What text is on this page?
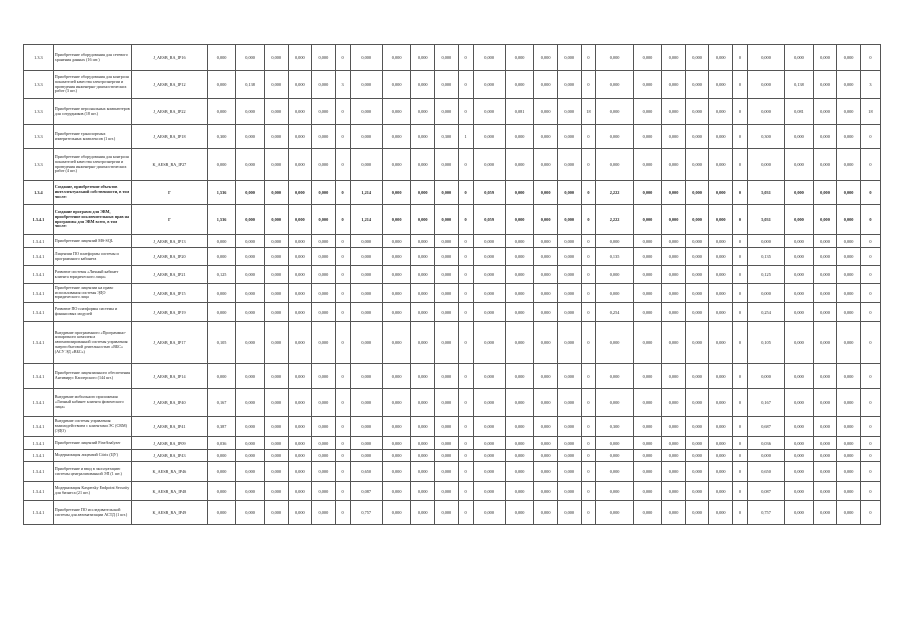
1.3.3	Приобретение оборудования для сетевого хранения данных (16 шт.)	J_AESB_RA_IP16	0,000	0,000	0,000	0,000	0,000	0	0,000	0,000	0,000	0,000	0	0,000	0,000	0,000	0,000	0	0,000	0,000	0,000	0,000	0,000	0	0,000	0,000	0,000	0,000	0
1.3.3	Приобретение оборудования для контроля показателей качества электроэнергии и проведения инженерно-диагностических работ (3 шт.)	J_AESB_RA_IP12	0,000	0,138	0,000	0,000	0,000	3	0,000	0,000	0,000	0,000	0	0,000	0,000	0,000	0,000	0	0,000	0,000	0,000	0,000	0,000	0	0,000	0,138	0,000	0,000	3
1.3.3	Приобретение персональных компьютеров для сотрудников (18 шт.)	J_AESB_RA_IP22	0,000	0,000	0,000	0,000	0,000	0	0,000	0,000	0,000	0,000	0	0,000	0,081	0,000	0,000	18	0,000	0,000	0,000	0,000	0,000	0	0,000	0,081	0,000	0,000	18
1.3.3	Приобретение транспортных измерительных комплексов (1 шт.)	J_AESB_RA_IP18	0,300	0,000	0,000	0,000	0,000	0	0,000	0,000	0,000	0,300	1	0,000	0,000	0,000	0,000	0	0,000	0,000	0,000	0,000	0,000	0	0,300	0,000	0,000	0,000	0
1.3.3	Приобретение оборудования для контроля показателей качества электроэнергии и проведения инженерно-диагностических работ (4 шт.)	K_AESB_RA_IP27	0,000	0,000	0,000	0,000	0,000	0	0,000	0,000	0,000	0,000	0	0,000	0,000	0,000	0,000	0	0,000	0,000	0,000	0,000	0,000	0	0,000	0,000	0,000	0,000	0
1.3.4	Создание, приобретение объектов интеллектуальной собственности, в том числе:	Г	1,536	0,000	0,000	0,000	0,000	0	1,214	0,000	0,000	0,000	0	0,059	0,000	0,000	0,000	0	2,222	0,000	0,000	0,000	0,000	0	5,031	0,000	0,000	0,000	0
1.3.4.1	Создание программ для ЭВМ, приобретение исключительных прав на программы для ЭВМ всего, в том числе:	Г	1,536	0,000	0,000	0,000	0,000	0	1,214	0,000	0,000	0,000	0	0,059	0,000	0,000	0,000	0	2,222	0,000	0,000	0,000	0,000	0	5,031	0,000	0,000	0,000	0
1.3.4.1	Приобретение лицензий MS-SQL	J_AESB_RA_IP13	0,000	0,000	0,000	0,000	0,000	0	0,000	0,000	0,000	0,000	0	0,000	0,000	0,000	0,000	0	0,000	0,000	0,000	0,000	0,000	0	0,000	0,000	0,000	0,000	0
1.3.4.1	Лицензии ПО платформы системы и программного кабинета	J_AESB_RA_IP20	0,000	0,000	0,000	0,000	0,000	0	0,000	0,000	0,000	0,000	0	0,000	0,000	0,000	0,000	0	0,135	0,000	0,000	0,000	0,000	0	0,135	0,000	0,000	0,000	0
1.3.4.1	Развитие системы «Личный кабинет клиента юридического лица»	J_AESB_RA_IP21	0,125	0,000	0,000	0,000	0,000	0	0,000	0,000	0,000	0,000	0	0,000	0,000	0,000	0,000	0	0,000	0,000	0,000	0,000	0,000	0	0,125	0,000	0,000	0,000	0
1.3.4.1	Приобретение лицензии на право использования системы ЭДО юридического лица	J_AESB_RA_IP15	0,000	0,000	0,000	0,000	0,000	0	0,000	0,000	0,000	0,000	0	0,000	0,000	0,000	0,000	0	0,000	0,000	0,000	0,000	0,000	0	0,000	0,000	0,000	0,000	0
1.3.4.1	Развитие ПО платформы системы и финансовых модулей	J_AESB_RA_IP19	0,000	0,000	0,000	0,000	0,000	0	0,000	0,000	0,000	0,000	0	0,000	0,000	0,000	0,000	0	0,254	0,000	0,000	0,000	0,000	0	0,254	0,000	0,000	0,000	0
1.3.4.1	Внедрение программного «Программно-аппаратного комплекса автоматизированной системы управления энергосбытовой деятельностью «ВБС» (АСУ ЭД «ВБС»)	J_AESB_RA_IP17	0,105	0,000	0,000	0,000	0,000	0	0,000	0,000	0,000	0,000	0	0,000	0,000	0,000	0,000	0	0,000	0,000	0,000	0,000	0,000	0	0,105	0,000	0,000	0,000	0
1.3.4.1	Приобретение лицензионного обеспечения Антивирус Касперского (144 шт.)	J_AESB_RA_IP14	0,000	0,000	0,000	0,000	0,000	0	0,000	0,000	0,000	0,000	0	0,000	0,000	0,000	0,000	0	0,000	0,000	0,000	0,000	0,000	0	0,000	0,000	0,000	0,000	0
1.3.4.1	Внедрение мобильного приложения «Личный кабинет клиента физического лица»	J_AESB_RA_IP40	0,167	0,000	0,000	0,000	0,000	0	0,000	0,000	0,000	0,000	0	0,000	0,000	0,000	0,000	0	0,000	0,000	0,000	0,000	0,000	0	0,167	0,000	0,000	0,000	0
1.3.4.1	Внедрение системы управления взаимодействием с клиентами ЭС (CRM)(ЭДО)	J_AESB_RA_IP41	0,387	0,000	0,000	0,000	0,000	0	0,000	0,000	0,000	0,000	0	0,000	0,000	0,000	0,000	0	0,300	0,000	0,000	0,000	0,000	0	0,687	0,000	0,000	0,000	0
1.3.4.1	Приобретение лицензий FineAnalyzer	J_AESB_RA_IP09	0,036	0,000	0,000	0,000	0,000	0	0,000	0,000	0,000	0,000	0	0,000	0,000	0,000	0,000	0	0,000	0,000	0,000	0,000	0,000	0	0,036	0,000	0,000	0,000	0
1.3.4.1	Модернизация лицензий Citrix (ЦУ)	J_AESB_RA_IP43	0,000	0,000	0,000	0,000	0,000	0	0,000	0,000	0,000	0,000	0	0,000	0,000	0,000	0,000	0	0,000	0,000	0,000	0,000	0,000	0	0,000	0,000	0,000	0,000	0
1.3.4.1	Приобретение и ввод в эксплуатацию системы централизованной ЭП (1 шт.)	K_AESB_RA_IP46	0,000	0,000	0,000	0,000	0,000	0	0,650	0,000	0,000	0,000	0	0,000	0,000	0,000	0,000	0	0,000	0,000	0,000	0,000	0,000	0	0,650	0,000	0,000	0,000	0
1.3.4.1	Модернизация Kaspersky Endpoint Security для бизнеса (21 шт.)	K_AESB_RA_IP48	0,000	0,000	0,000	0,000	0,000	0	0,087	0,000	0,000	0,000	0	0,000	0,000	0,000	0,000	0	0,000	0,000	0,000	0,000	0,000	0	0,087	0,000	0,000	0,000	0
1.3.4.1	Приобретение ПО исследовательской системы для автоматизации АСТД (1 шт.)	K_AESB_RA_IP49	0,000	0,000	0,000	0,000	0,000	0	0,757	0,000	0,000	0,000	0	0,000	0,000	0,000	0,000	0	0,000	0,000	0,000	0,000	0,000	0	0,757	0,000	0,000	0,000	0
